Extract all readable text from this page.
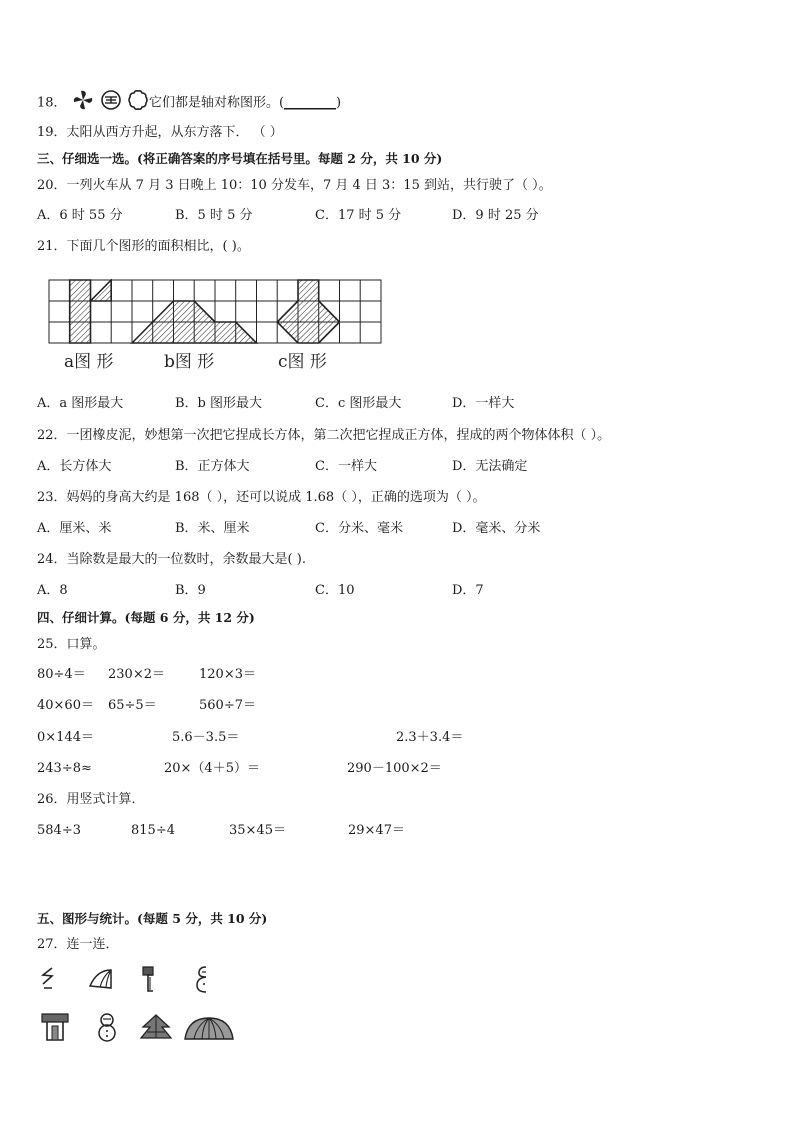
18．	它们都是轴对称图形。(________)
19．太阳从西方升起，从东方落下． （ ）
三、仔细选一选。(将正确答案的序号填在括号里。每题 2 分，共 10 分)
20．一列火车从 7 月 3 日晚上 10：10 分发车，7 月 4 日 3：15 到站，共行驶了（ ）。
A．6 时 55 分	B．5 时 5 分	C．17 时 5 分	D．9 时 25 分
21．下面几个图形的面积相比，( )。
a图 形	b图 形	c图 形
A．a 图形最大	B．b 图形最大	C．c 图形最大	D．一样大
22．一团橡皮泥，妙想第一次把它捏成长方体，第二次把它捏成正方体，捏成的两个物体体积（ ）。
A．长方体大	B．正方体大	C．一样大	D．无法确定
23．妈妈的身高大约是 168（ ），还可以说成 1.68（ ），正确的选项为（ ）。
A．厘米、米	B．米、厘米	C．分米、毫米	D．毫米、分米
24．当除数是最大的一位数时，余数最大是( ).
A．8	B．9	C．10	D．7
四、仔细计算。(每题 6 分，共 12 分)
25．口算。
80÷4＝ 230×2＝	120×3＝
40×60＝ 65÷5＝	560÷7＝
0×144＝	5.6－3.5＝	2.3＋3.4＝
243÷8≈	20×（4＋5）＝	290－100×2＝
26．用竖式计算．
584÷3	815÷4	35×45＝	29×47＝
五、图形与统计。(每题 5 分，共 10 分)
27．连一连．
